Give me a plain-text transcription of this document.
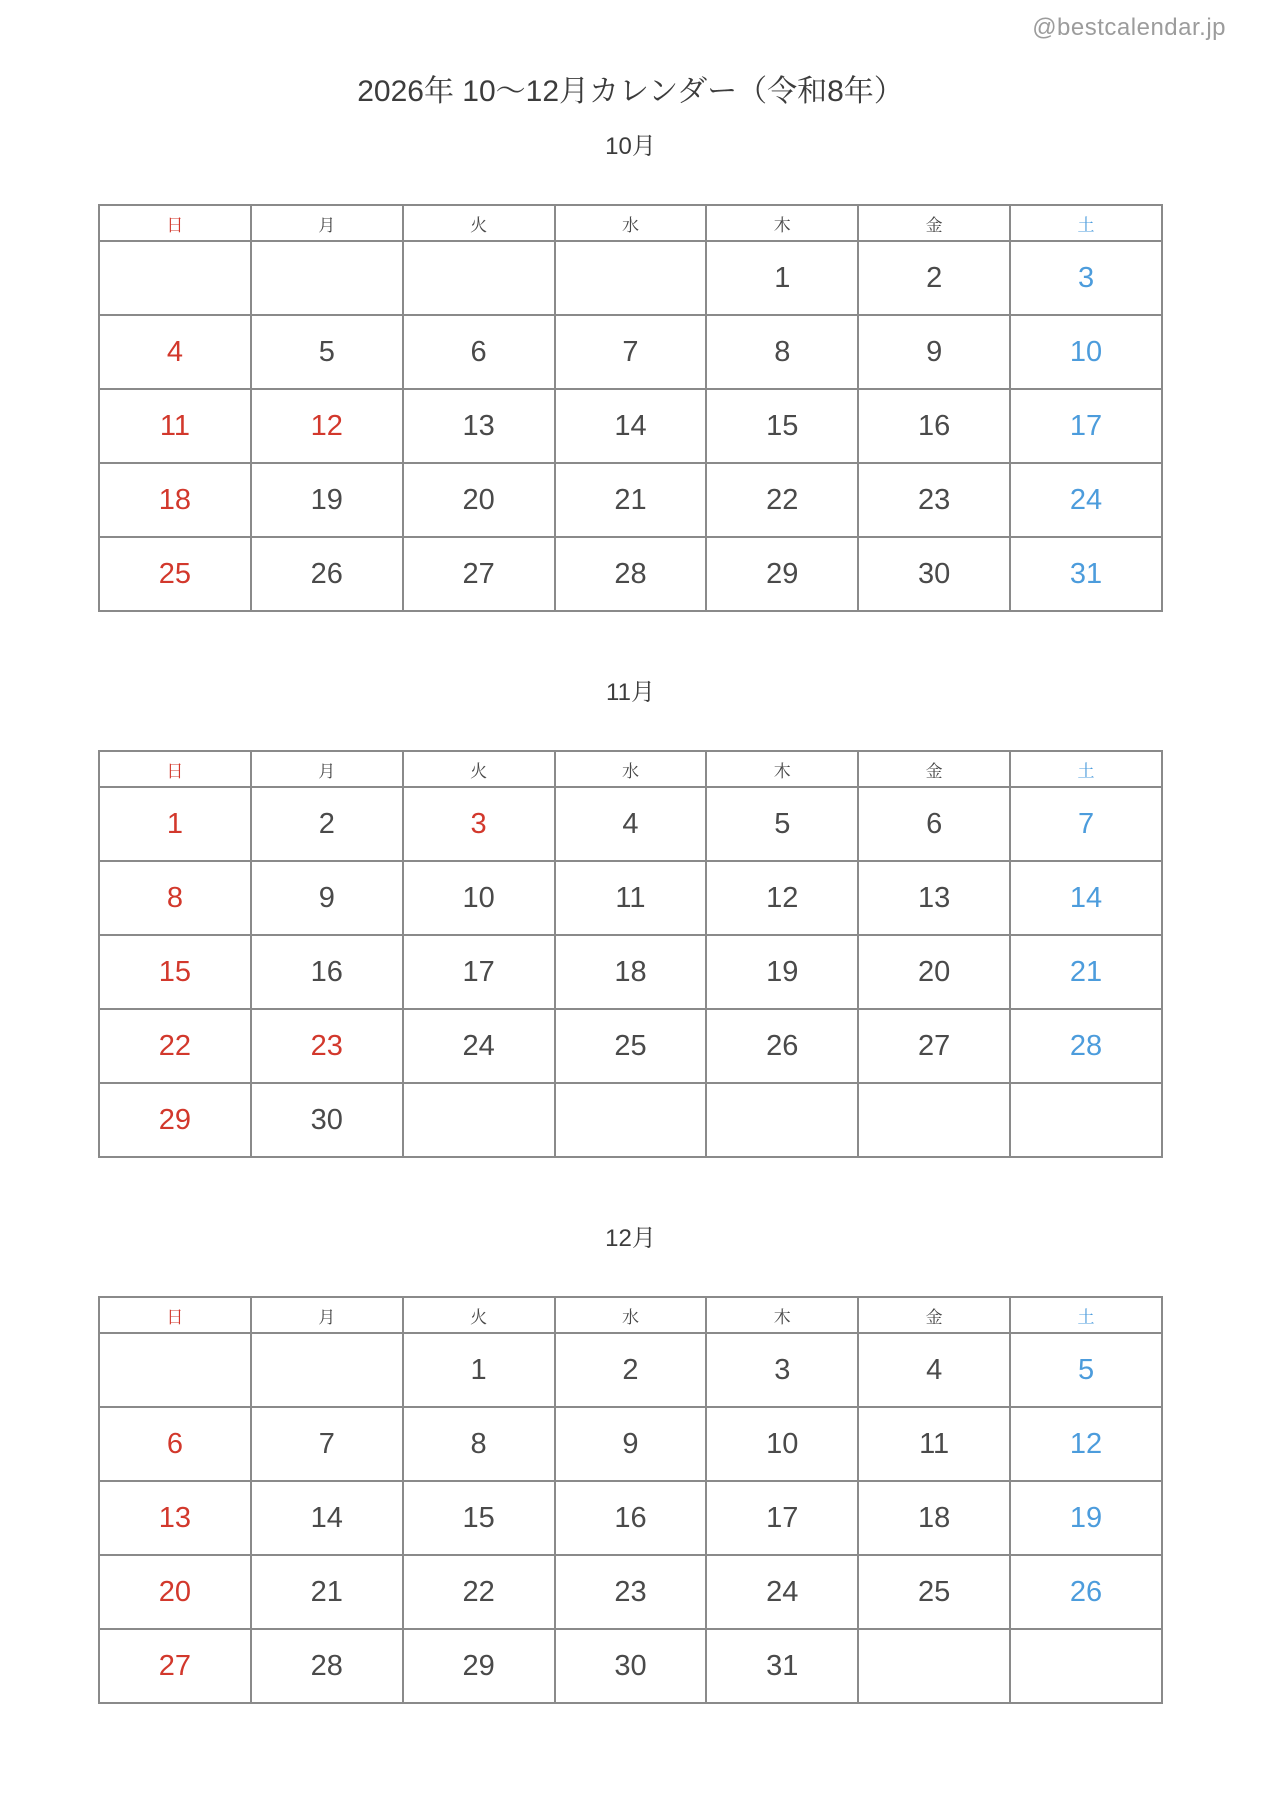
@bestcalendar.jp
2026年 10〜12月カレンダー（令和8年）
10月
日	月	火	水	木	金	土
				1	2	3
4	5	6	7	8	9	10
11	12	13	14	15	16	17
18	19	20	21	22	23	24
25	26	27	28	29	30	31
11月
日	月	火	水	木	金	土
1	2	3	4	5	6	7
8	9	10	11	12	13	14
15	16	17	18	19	20	21
22	23	24	25	26	27	28
29	30					
12月
日	月	火	水	木	金	土
		1	2	3	4	5
6	7	8	9	10	11	12
13	14	15	16	17	18	19
20	21	22	23	24	25	26
27	28	29	30	31		
